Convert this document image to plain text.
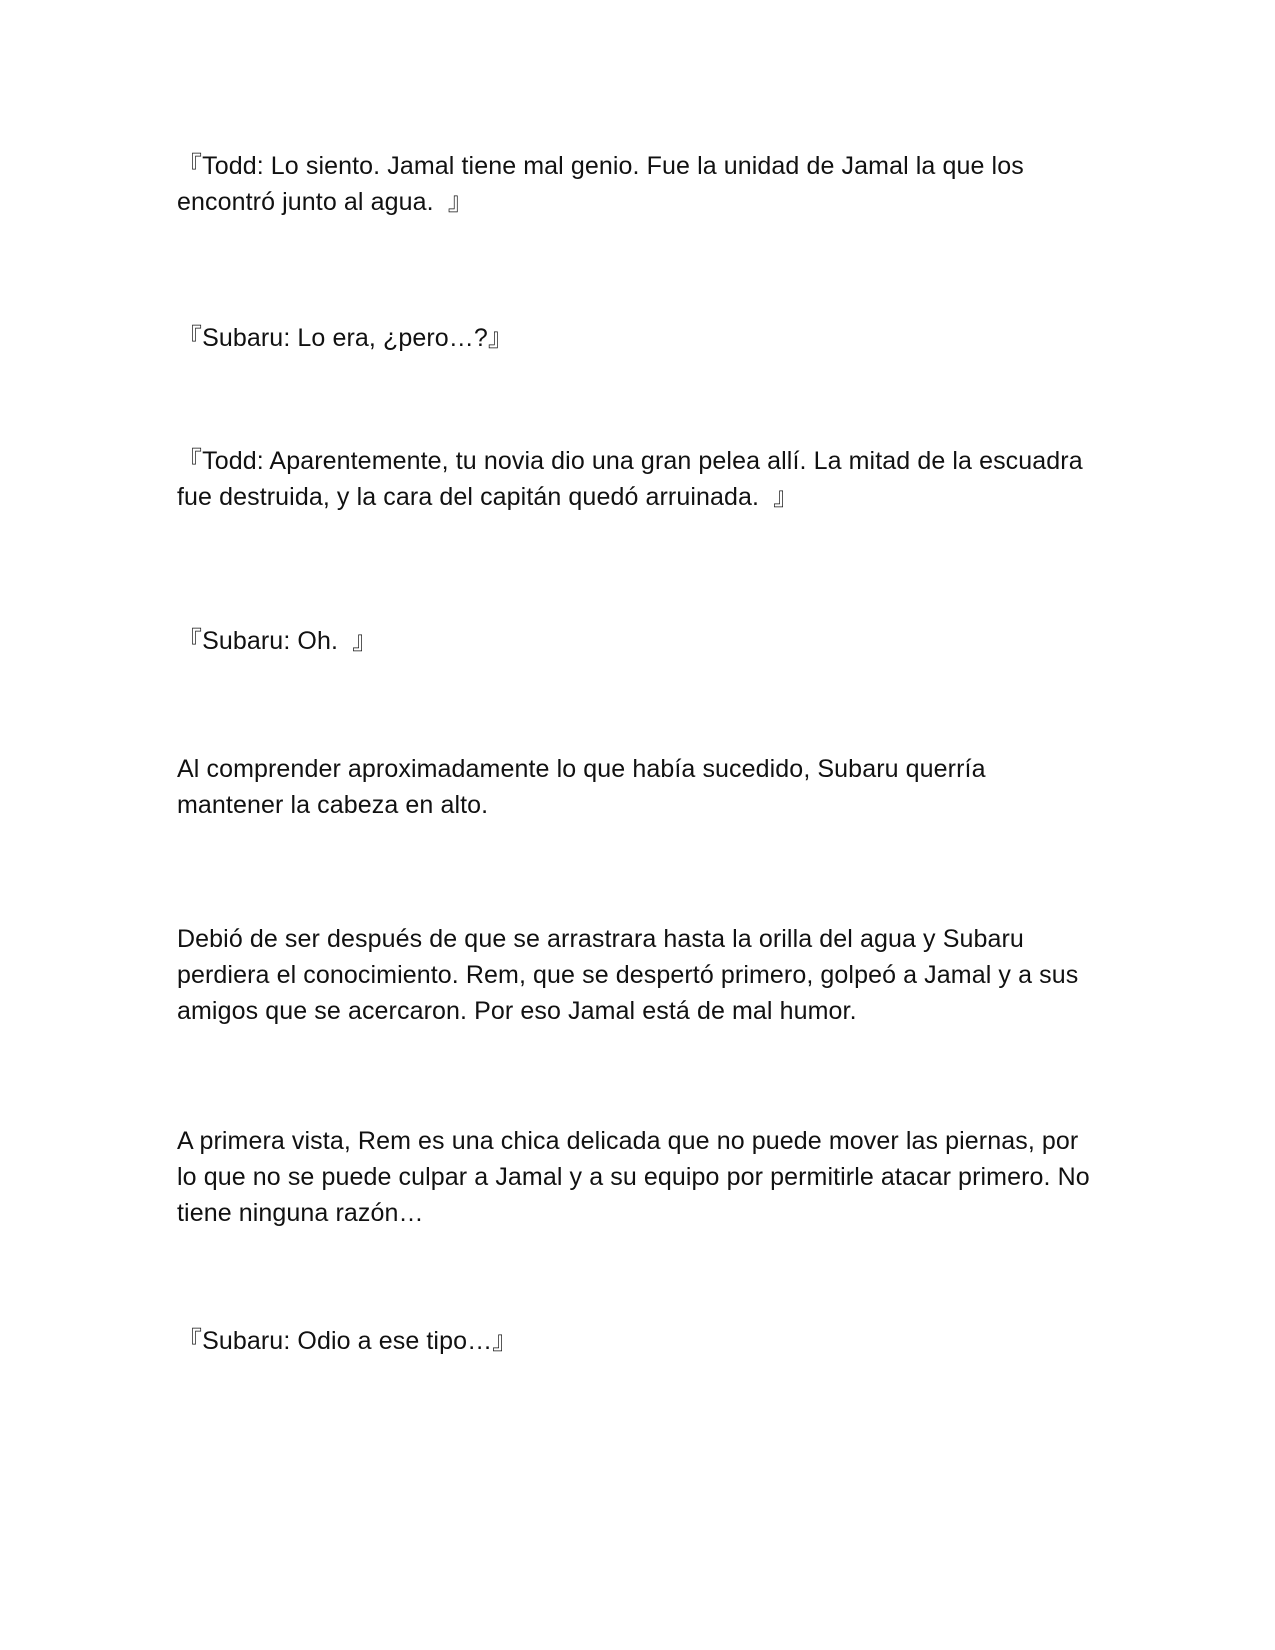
『Todd: Lo siento. Jamal tiene mal genio. Fue la unidad de Jamal la que los encontró junto al agua.  』

『Subaru: Lo era, ¿pero…?』

『Todd: Aparentemente, tu novia dio una gran pelea allí. La mitad de la escuadra fue destruida, y la cara del capitán quedó arruinada.  』

『Subaru: Oh.  』

Al comprender aproximadamente lo que había sucedido, Subaru querría mantener la cabeza en alto.

Debió de ser después de que se arrastrara hasta la orilla del agua y Subaru perdiera el conocimiento. Rem, que se despertó primero, golpeó a Jamal y a sus amigos que se acercaron. Por eso Jamal está de mal humor.

A primera vista, Rem es una chica delicada que no puede mover las piernas, por lo que no se puede culpar a Jamal y a su equipo por permitirle atacar primero. No tiene ninguna razón…

『Subaru: Odio a ese tipo…』
